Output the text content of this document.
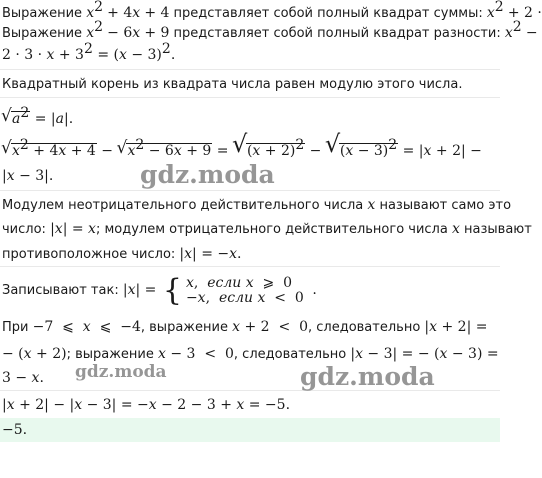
Выражение $x^2 + 4x + 4$ представляет собой полный квадрат суммы: $x^2 + 2$ ·
Выражение $x^2 - 6x + 9$ представляет собой полный квадрат разности: $x^2$ −
$2 \cdot 3 \cdot x + 3^2 = (x - 3)^2$.
Квадратный корень из квадрата числа равен модулю этого числа.
√ $a^2 = |a|$.
√ $x^2 + 4x + 4$ − √ $x^2 - 6x + 9$ = √ $(x + 2)^2$ − √ $(x - 3)^2 = |x + 2|$ −
|x − 3|.
Модулем неотрицательного действительного числа x называют само это
число: |x| = x; модулем отрицательного действительного числа x называют
противоположное число: |x| = −x.
Записывают так: |x| = { x,  если x  ⩾  0
−x,  если x  <  0 .
При −7  ⩽  x  ⩽  −4, выражение x + 2  <  0, следовательно |x + 2| =
− (x + 2); выражение x − 3  <  0, следовательно |x − 3| = − (x − 3) =
3 − x.
|x + 2| − |x − 3| = −x − 2 − 3 + x = −5.
−5.
gdz.moda
gdz.moda	gdz.moda
